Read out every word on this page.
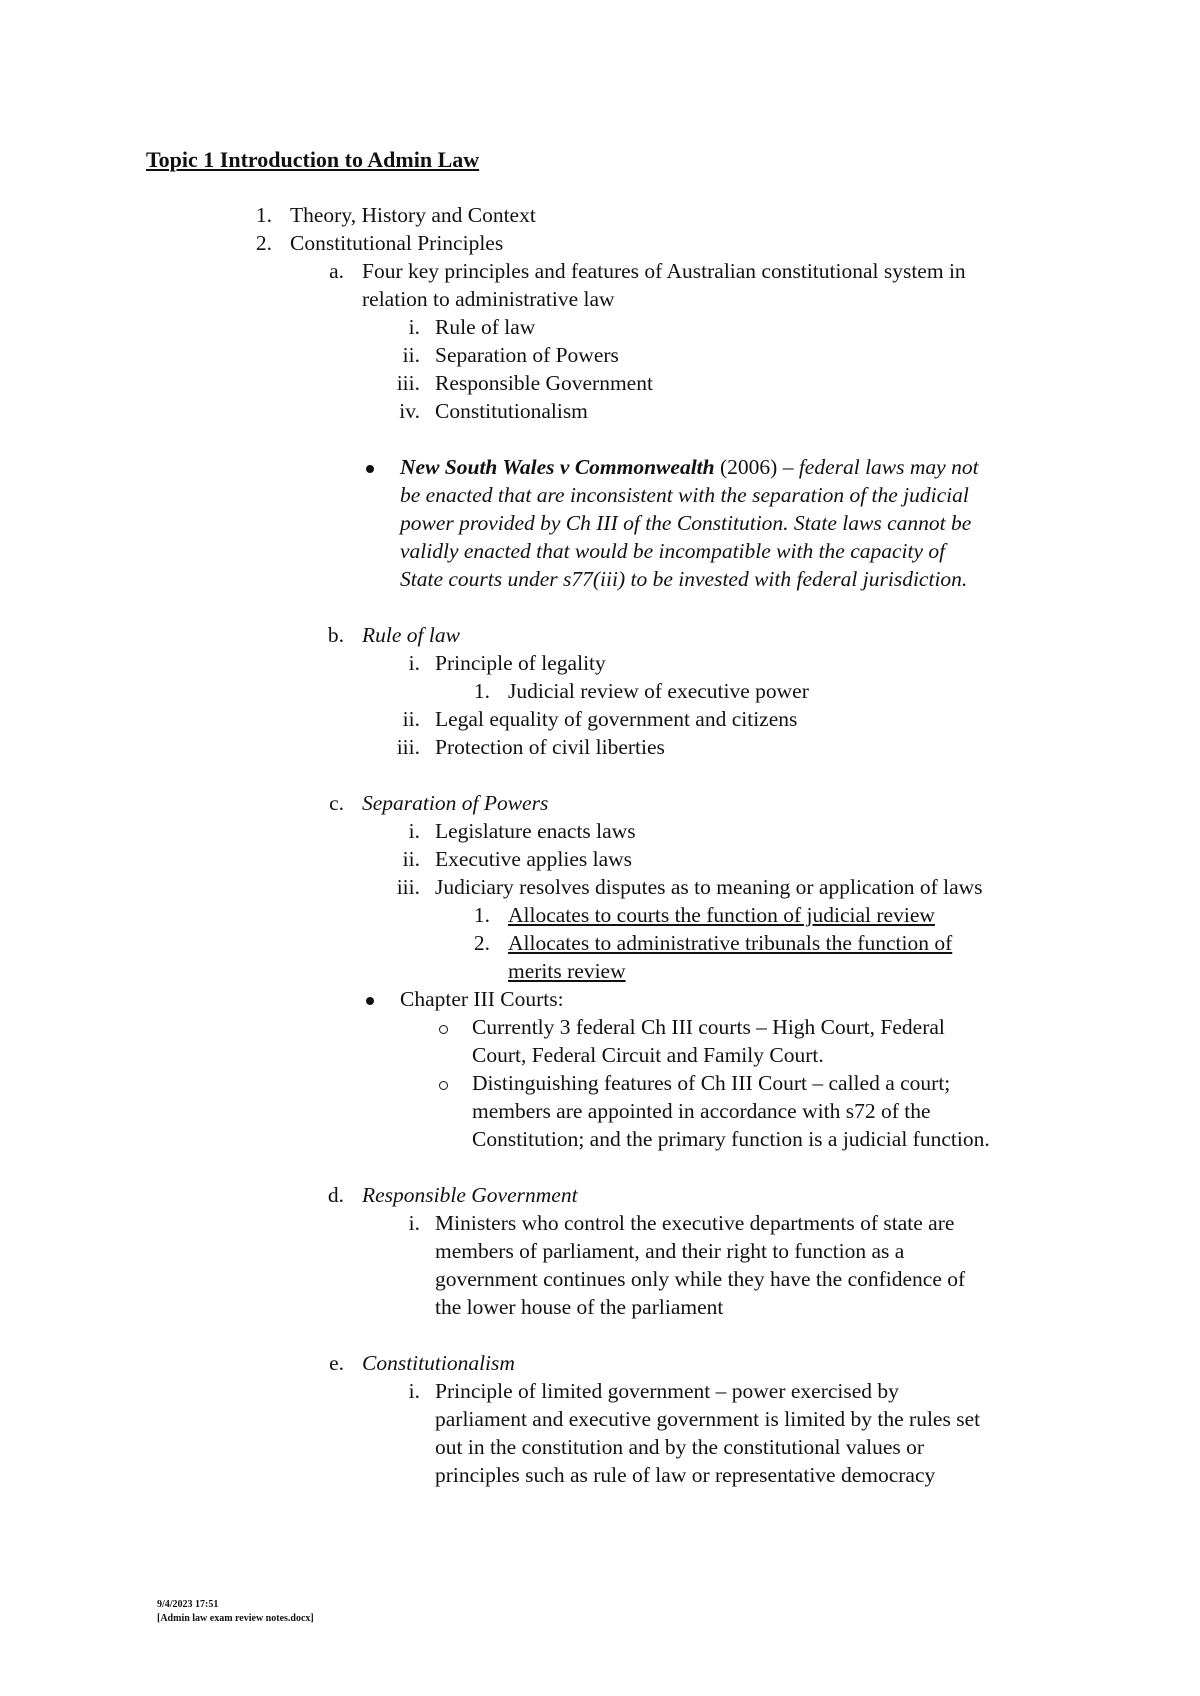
Topic 1 Introduction to Admin Law
1. Theory, History and Context
2. Constitutional Principles
a. Four key principles and features of Australian constitutional system in
relation to administrative law
i. Rule of law
ii. Separation of Powers
iii. Responsible Government
iv. Constitutionalism
New South Wales v Commonwealth (2006) – federal laws may not
be enacted that are inconsistent with the separation of the judicial
power provided by Ch III of the Constitution. State laws cannot be
validly enacted that would be incompatible with the capacity of
State courts under s77(iii) to be invested with federal jurisdiction.
b. Rule of law
i. Principle of legality
1. Judicial review of executive power
ii. Legal equality of government and citizens
iii. Protection of civil liberties
c. Separation of Powers
i. Legislature enacts laws
ii. Executive applies laws
iii. Judiciary resolves disputes as to meaning or application of laws
1. Allocates to courts the function of judicial review
2. Allocates to administrative tribunals the function of
merits review
Chapter III Courts:
Currently 3 federal Ch III courts – High Court, Federal
Court, Federal Circuit and Family Court.
Distinguishing features of Ch III Court – called a court;
members are appointed in accordance with s72 of the
Constitution; and the primary function is a judicial function.
d. Responsible Government
i. Ministers who control the executive departments of state are
members of parliament, and their right to function as a
government continues only while they have the confidence of
the lower house of the parliament
e. Constitutionalism
i. Principle of limited government – power exercised by
parliament and executive government is limited by the rules set
out in the constitution and by the constitutional values or
principles such as rule of law or representative democracy
9/4/2023 17:51
[Admin law exam review notes.docx]
